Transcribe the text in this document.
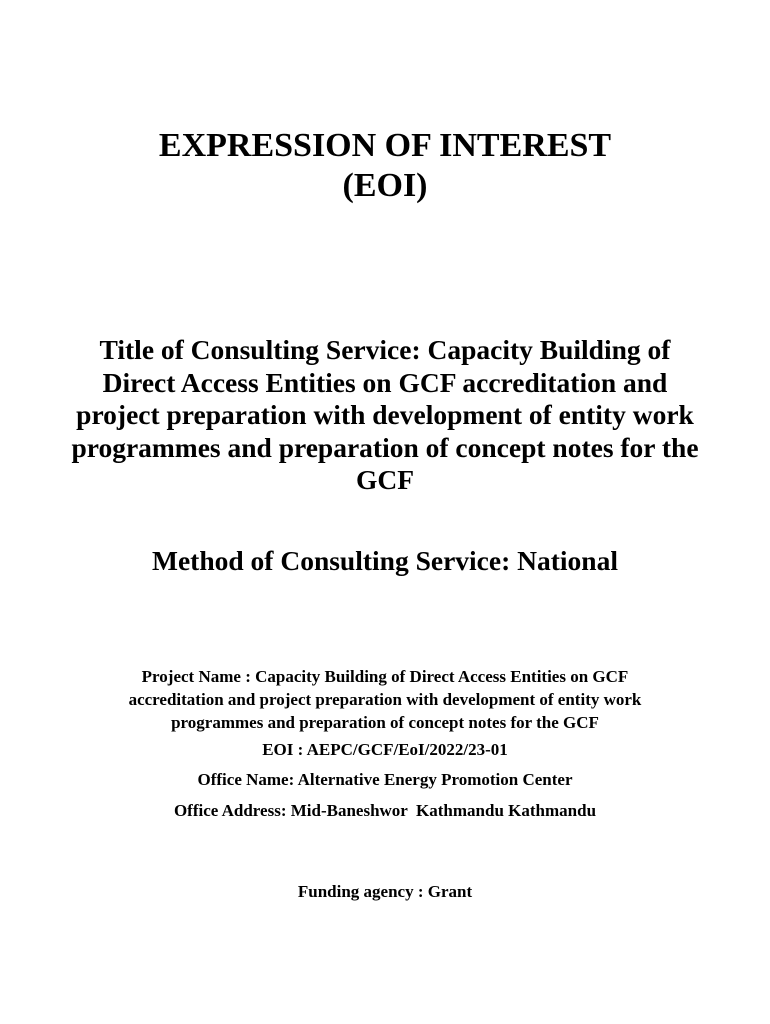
EXPRESSION OF INTEREST
(EOI)
Title of Consulting Service: Capacity Building of
Direct Access Entities on GCF accreditation and
project preparation with development of entity work
programmes and preparation of concept notes for the
GCF
Method of Consulting Service: National
Project Name : Capacity Building of Direct Access Entities on GCF
accreditation and project preparation with development of entity work
programmes and preparation of concept notes for the GCF
EOI : AEPC/GCF/EoI/2022/23-01
Office Name: Alternative Energy Promotion Center
Office Address: Mid-Baneshwor  Kathmandu Kathmandu
Funding agency : Grant
